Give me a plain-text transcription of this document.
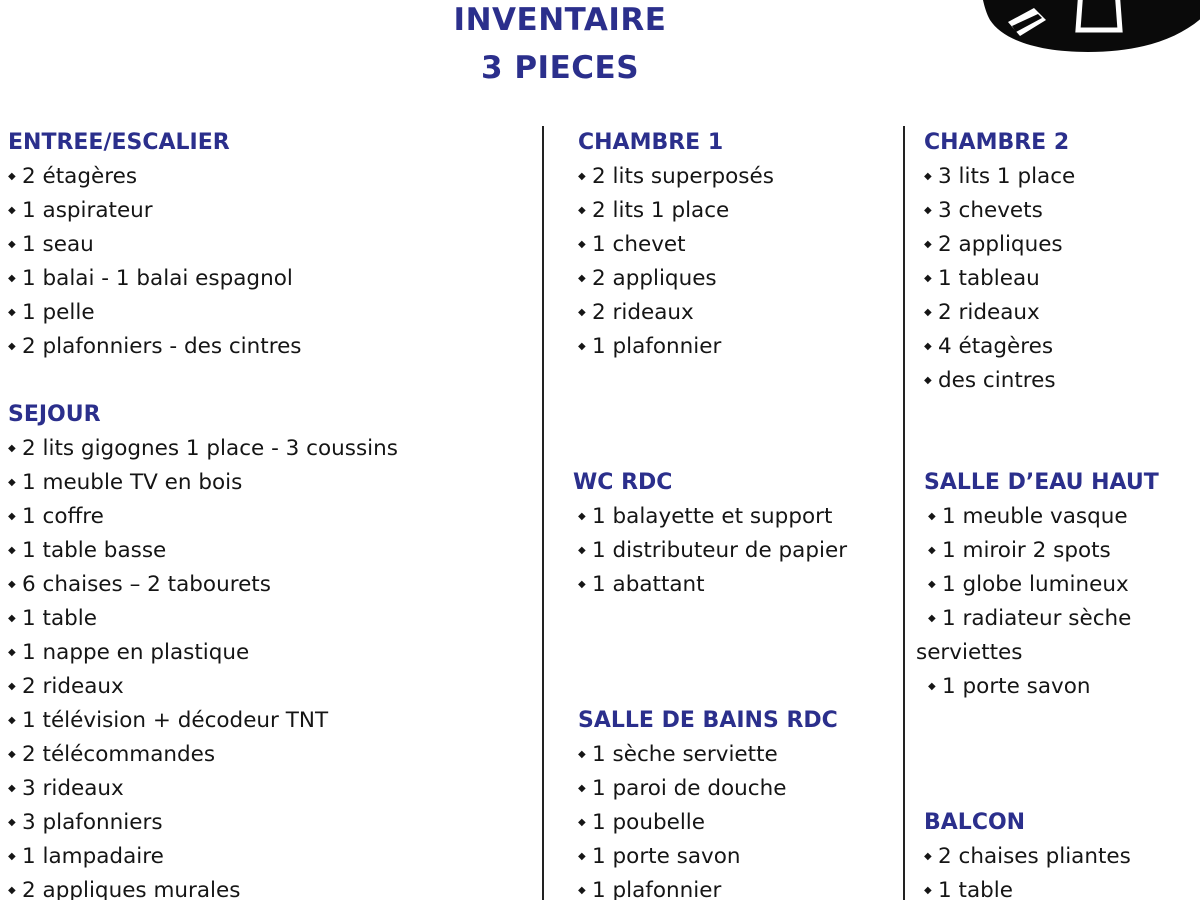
INVENTAIRE
3 PIECES
ENTREE/ESCALIER
◆ 2 étagères
◆ 1 aspirateur
◆ 1 seau
◆ 1 balai - 1 balai espagnol
◆ 1 pelle
◆ 2 plafonniers - des cintres
SEJOUR
◆ 2 lits gigognes 1 place - 3 coussins
◆ 1 meuble TV en bois
◆ 1 coffre
◆ 1 table basse
◆ 6 chaises – 2 tabourets
◆ 1 table
◆ 1 nappe en plastique
◆ 2 rideaux
◆ 1 télévision + décodeur TNT
◆ 2 télécommandes
◆ 3 rideaux
◆ 3 plafonniers
◆ 1 lampadaire
◆ 2 appliques murales
CHAMBRE 1
◆ 2 lits superposés
◆ 2 lits 1 place
◆ 1 chevet
◆ 2 appliques
◆ 2 rideaux
◆ 1 plafonnier
WC RDC
◆ 1 balayette et support
◆ 1 distributeur de papier
◆ 1 abattant
SALLE DE BAINS RDC
◆ 1 sèche serviette
◆ 1 paroi de douche
◆ 1 poubelle
◆ 1 porte savon
◆ 1 plafonnier
CHAMBRE 2
◆ 3 lits 1 place
◆ 3 chevets
◆ 2 appliques
◆ 1 tableau
◆ 2 rideaux
◆ 4 étagères
◆ des cintres
SALLE D’EAU HAUT
◆ 1 meuble vasque
◆ 1 miroir 2 spots
◆ 1 globe lumineux
◆ 1 radiateur sèche
serviettes
◆ 1 porte savon
BALCON
◆ 2 chaises pliantes
◆ 1 table
